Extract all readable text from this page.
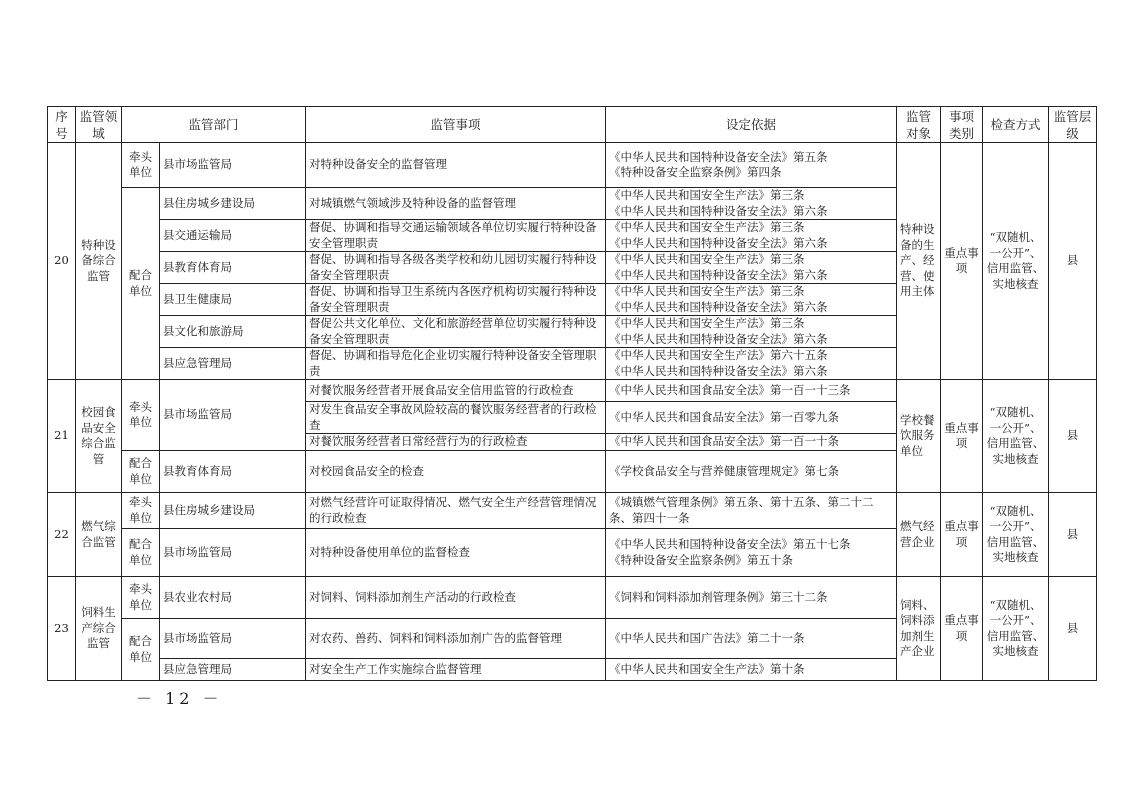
序号	监管领域	监管部门		监管事项	设定依据	监管对象	事项类别	检查方式	监管层级
20	特种设备综合监管	牵头单位	县市场监管局	对特种设备安全的监督管理	《中华人民共和国特种设备安全法》第五条
《特种设备安全监察条例》第四条	特种设备的生产、经营、使用主体	重点事项	“双随机、一公开”、信用监管、实地核查	县
		配合单位	县住房城乡建设局	对城镇燃气领域涉及特种设备的监督管理	《中华人民共和国安全生产法》第三条
《中华人民共和国特种设备安全法》第六条				
			县交通运输局	督促、协调和指导交通运输领域各单位切实履行特种设备安全管理职责	《中华人民共和国安全生产法》第三条
《中华人民共和国特种设备安全法》第六条				
			县教育体育局	督促、协调和指导各级各类学校和幼儿园切实履行特种设备安全管理职责	《中华人民共和国安全生产法》第三条
《中华人民共和国特种设备安全法》第六条				
			县卫生健康局	督促、协调和指导卫生系统内各医疗机构切实履行特种设备安全管理职责	《中华人民共和国安全生产法》第三条
《中华人民共和国特种设备安全法》第六条				
			县文化和旅游局	督促公共文化单位、文化和旅游经营单位切实履行特种设备安全管理职责	《中华人民共和国安全生产法》第三条
《中华人民共和国特种设备安全法》第六条				
			县应急管理局	督促、协调和指导危化企业切实履行特种设备安全管理职责	《中华人民共和国安全生产法》第六十五条
《中华人民共和国特种设备安全法》第六条				
21	校园食品安全综合监管	牵头单位	县市场监管局	对餐饮服务经营者开展食品安全信用监管的行政检查	《中华人民共和国食品安全法》第一百一十三条	学校餐饮服务单位	重点事项	“双随机、一公开”、信用监管、实地核查	县
				对发生食品安全事故风险较高的餐饮服务经营者的行政检查	《中华人民共和国食品安全法》第一百零九条				
				对餐饮服务经营者日常经营行为的行政检查	《中华人民共和国食品安全法》第一百一十条				
		配合单位	县教育体育局	对校园食品安全的检查	《学校食品安全与营养健康管理规定》第七条				
22	燃气综合监管	牵头单位	县住房城乡建设局	对燃气经营许可证取得情况、燃气安全生产经营管理情况的行政检查	《城镇燃气管理条例》第五条、第十五条、第二十二条、第四十一条	燃气经营企业	重点事项	“双随机、一公开”、信用监管、实地核查	县
		配合单位	县市场监管局	对特种设备使用单位的监督检查	《中华人民共和国特种设备安全法》第五十七条
《特种设备安全监察条例》第五十条				
23	饲料生产综合监管	牵头单位	县农业农村局	对饲料、饲料添加剂生产活动的行政检查	《饲料和饲料添加剂管理条例》第三十二条	饲料、饲料添加剂生产企业	重点事项	“双随机、一公开”、信用监管、实地核查	县
		配合单位	县市场监管局	对农药、兽药、饲料和饲料添加剂广告的监督管理	《中华人民共和国广告法》第二十一条				
			县应急管理局	对安全生产工作实施综合监督管理	《中华人民共和国安全生产法》第十条				
－ 12 －
